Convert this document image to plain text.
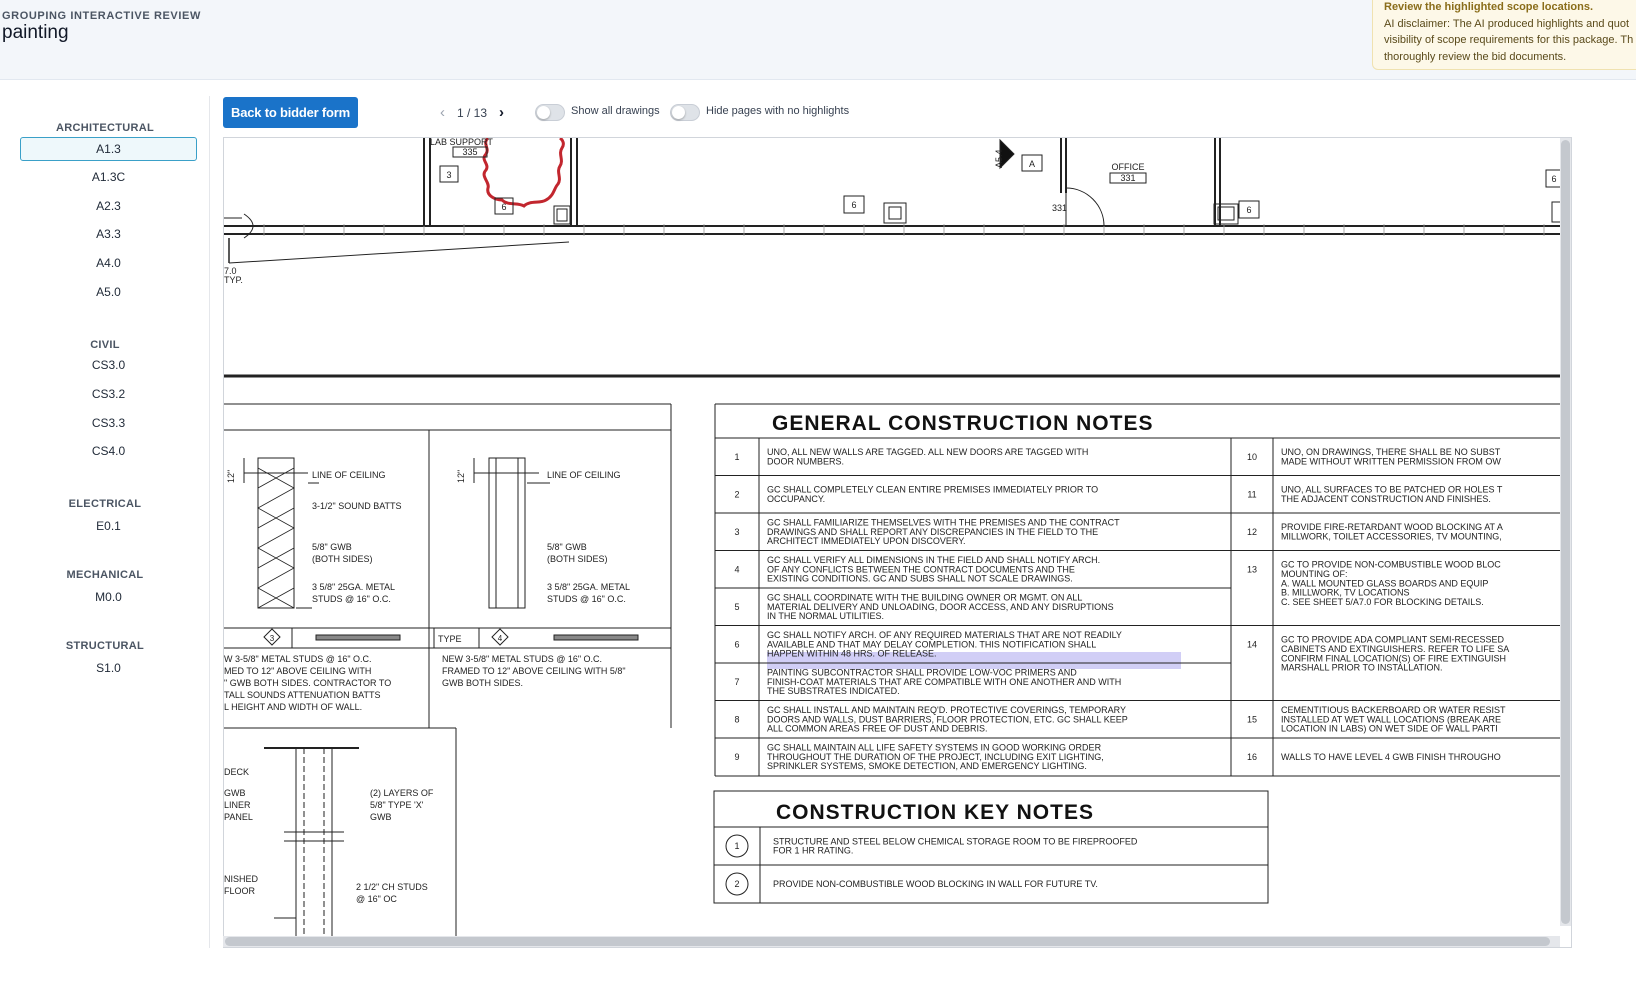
GROUPING INTERACTIVE REVIEW
painting
Review the highlighted scope locations.
AI disclaimer: The AI produced highlights and quot
visibility of scope requirements for this package. Th
thoroughly review the bid documents.
ARCHITECTURAL
A1.3
A1.3C
A2.3
A3.3
A4.0
A5.0
CIVIL
CS3.0
CS3.2
CS3.3
CS4.0
ELECTRICAL
E0.1
MECHANICAL
M0.0
STRUCTURAL
S1.0
Back to bidder form	‹ 1 / 13 ›	Show all drawings	Hide pages with no highlights
LAB SUPPORT
335
3
6	6	6
6
A
A5.4	OFFICE
331
331
7.0
TYP.
12"	LINE OF CEILING
3-1/2" SOUND BATTS
5/8" GWB
(BOTH SIDES)
3 5/8" 25GA. METAL
STUDS @ 16" O.C.
12"	LINE OF CEILING
5/8" GWB
(BOTH SIDES)
3 5/8" 25GA. METAL
STUDS @ 16" O.C.
TYPE
3	4
W 3-5/8" METAL STUDS @ 16" O.C.
MED TO 12" ABOVE CEILING WITH
" GWB BOTH SIDES. CONTRACTOR TO
TALL SOUNDS ATTENUATION BATTS
L HEIGHT AND WIDTH OF WALL.
NEW 3-5/8" METAL STUDS @ 16" O.C.
FRAMED TO 12" ABOVE CEILING WITH 5/8"
GWB BOTH SIDES.
DECK
GWB
LINER
PANEL
(2) LAYERS OF
5/8" TYPE 'X'
GWB
NISHED
FLOOR	2 1/2" CH STUDS
@ 16" OC
GENERAL CONSTRUCTION NOTES
1	UNO, ALL NEW WALLS ARE TAGGED. ALL NEW DOORS ARE TAGGED WITH
DOOR NUMBERS.
2	GC SHALL COMPLETELY CLEAN ENTIRE PREMISES IMMEDIATELY PRIOR TO
OCCUPANCY.
3
GC SHALL FAMILIARIZE THEMSELVES WITH THE PREMISES AND THE CONTRACT
DRAWINGS AND SHALL REPORT ANY DISCREPANCIES IN THE FIELD TO THE
ARCHITECT IMMEDIATELY UPON DISCOVERY.
4
GC SHALL VERIFY ALL DIMENSIONS IN THE FIELD AND SHALL NOTIFY ARCH.
OF ANY CONFLICTS BETWEEN THE CONTRACT DOCUMENTS AND THE
EXISTING CONDITIONS. GC AND SUBS SHALL NOT SCALE DRAWINGS.
5
GC SHALL COORDINATE WITH THE BUILDING OWNER OR MGMT. ON ALL
MATERIAL DELIVERY AND UNLOADING, DOOR ACCESS, AND ANY DISRUPTIONS
IN THE NORMAL UTILITIES.
6
GC SHALL NOTIFY ARCH. OF ANY REQUIRED MATERIALS THAT ARE NOT READILY
AVAILABLE AND THAT MAY DELAY COMPLETION. THIS NOTIFICATION SHALL
HAPPEN WITHIN 48 HRS. OF RELEASE.
7
PAINTING SUBCONTRACTOR SHALL PROVIDE LOW-VOC PRIMERS AND
FINISH-COAT MATERIALS THAT ARE COMPATIBLE WITH ONE ANOTHER AND WITH
THE SUBSTRATES INDICATED.
8
GC SHALL INSTALL AND MAINTAIN REQ'D. PROTECTIVE COVERINGS, TEMPORARY
DOORS AND WALLS, DUST BARRIERS, FLOOR PROTECTION, ETC. GC SHALL KEEP
ALL COMMON AREAS FREE OF DUST AND DEBRIS.
9
GC SHALL MAINTAIN ALL LIFE SAFETY SYSTEMS IN GOOD WORKING ORDER
THROUGHOUT THE DURATION OF THE PROJECT, INCLUDING EXIT LIGHTING,
SPRINKLER SYSTEMS, SMOKE DETECTION, AND EMERGENCY LIGHTING.
10	UNO, ON DRAWINGS, THERE SHALL BE NO SUBST
MADE WITHOUT WRITTEN PERMISSION FROM OW
11	UNO, ALL SURFACES TO BE PATCHED OR HOLES T
THE ADJACENT CONSTRUCTION AND FINISHES.
12	PROVIDE FIRE-RETARDANT WOOD BLOCKING AT A
MILLWORK, TOILET ACCESSORIES, TV MOUNTING,
13	GC TO PROVIDE NON-COMBUSTIBLE WOOD BLOC
MOUNTING OF:
A. WALL MOUNTED GLASS BOARDS AND EQUIP
B. MILLWORK, TV LOCATIONS
C. SEE SHEET 5/A7.0 FOR BLOCKING DETAILS.
14	GC TO PROVIDE ADA COMPLIANT SEMI-RECESSED
CABINETS AND EXTINGUISHERS. REFER TO LIFE SA
CONFIRM FINAL LOCATION(S) OF FIRE EXTINGUISH
MARSHALL PRIOR TO INSTALLATION.
15
CEMENTITIOUS BACKERBOARD OR WATER RESIST
INSTALLED AT WET WALL LOCATIONS (BREAK ARE
LOCATION IN LABS) ON WET SIDE OF WALL PARTI
16	WALLS TO HAVE LEVEL 4 GWB FINISH THROUGHO
CONSTRUCTION KEY NOTES
1	STRUCTURE AND STEEL BELOW CHEMICAL STORAGE ROOM TO BE FIREPROOFED
FOR 1 HR RATING.
2	PROVIDE NON-COMBUSTIBLE WOOD BLOCKING IN WALL FOR FUTURE TV.
